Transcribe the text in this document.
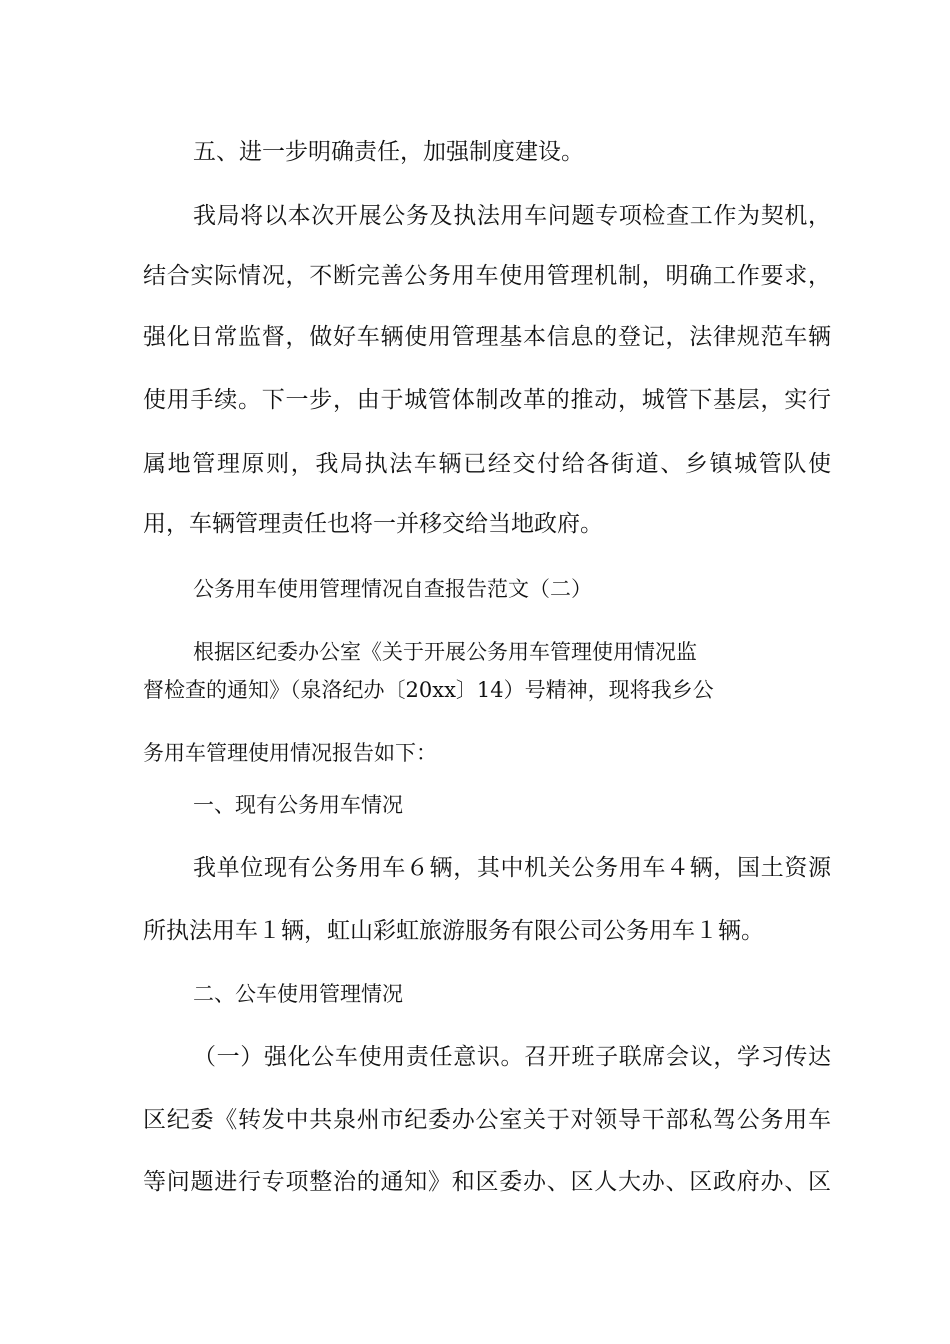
五、进一步明确责任，加强制度建设。

我局将以本次开展公务及执法用车问题专项检查工作为契机，

结合实际情况，不断完善公务用车使用管理机制，明确工作要求，

强化日常监督，做好车辆使用管理基本信息的登记，法律规范车辆

使用手续。下一步，由于城管体制改革的推动，城管下基层，实行

属地管理原则，我局执法车辆已经交付给各街道、乡镇城管队使

用，车辆管理责任也将一并移交给当地政府。

公务用车使用管理情况自查报告范文（二）

根据区纪委办公室《关于开展公务用车管理使用情况监

督检查的通知》（泉洛纪办〔20xx〕14）号精神，现将我乡公

务用车管理使用情况报告如下：

一、现有公务用车情况

我单位现有公务用车６辆，其中机关公务用车４辆，国土资源

所执法用车１辆，虹山彩虹旅游服务有限公司公务用车１辆。

二、公车使用管理情况

（一）强化公车使用责任意识。召开班子联席会议，学习传达

区纪委《转发中共泉州市纪委办公室关于对领导干部私驾公务用车

等问题进行专项整治的通知》和区委办、区人大办、区政府办、区
